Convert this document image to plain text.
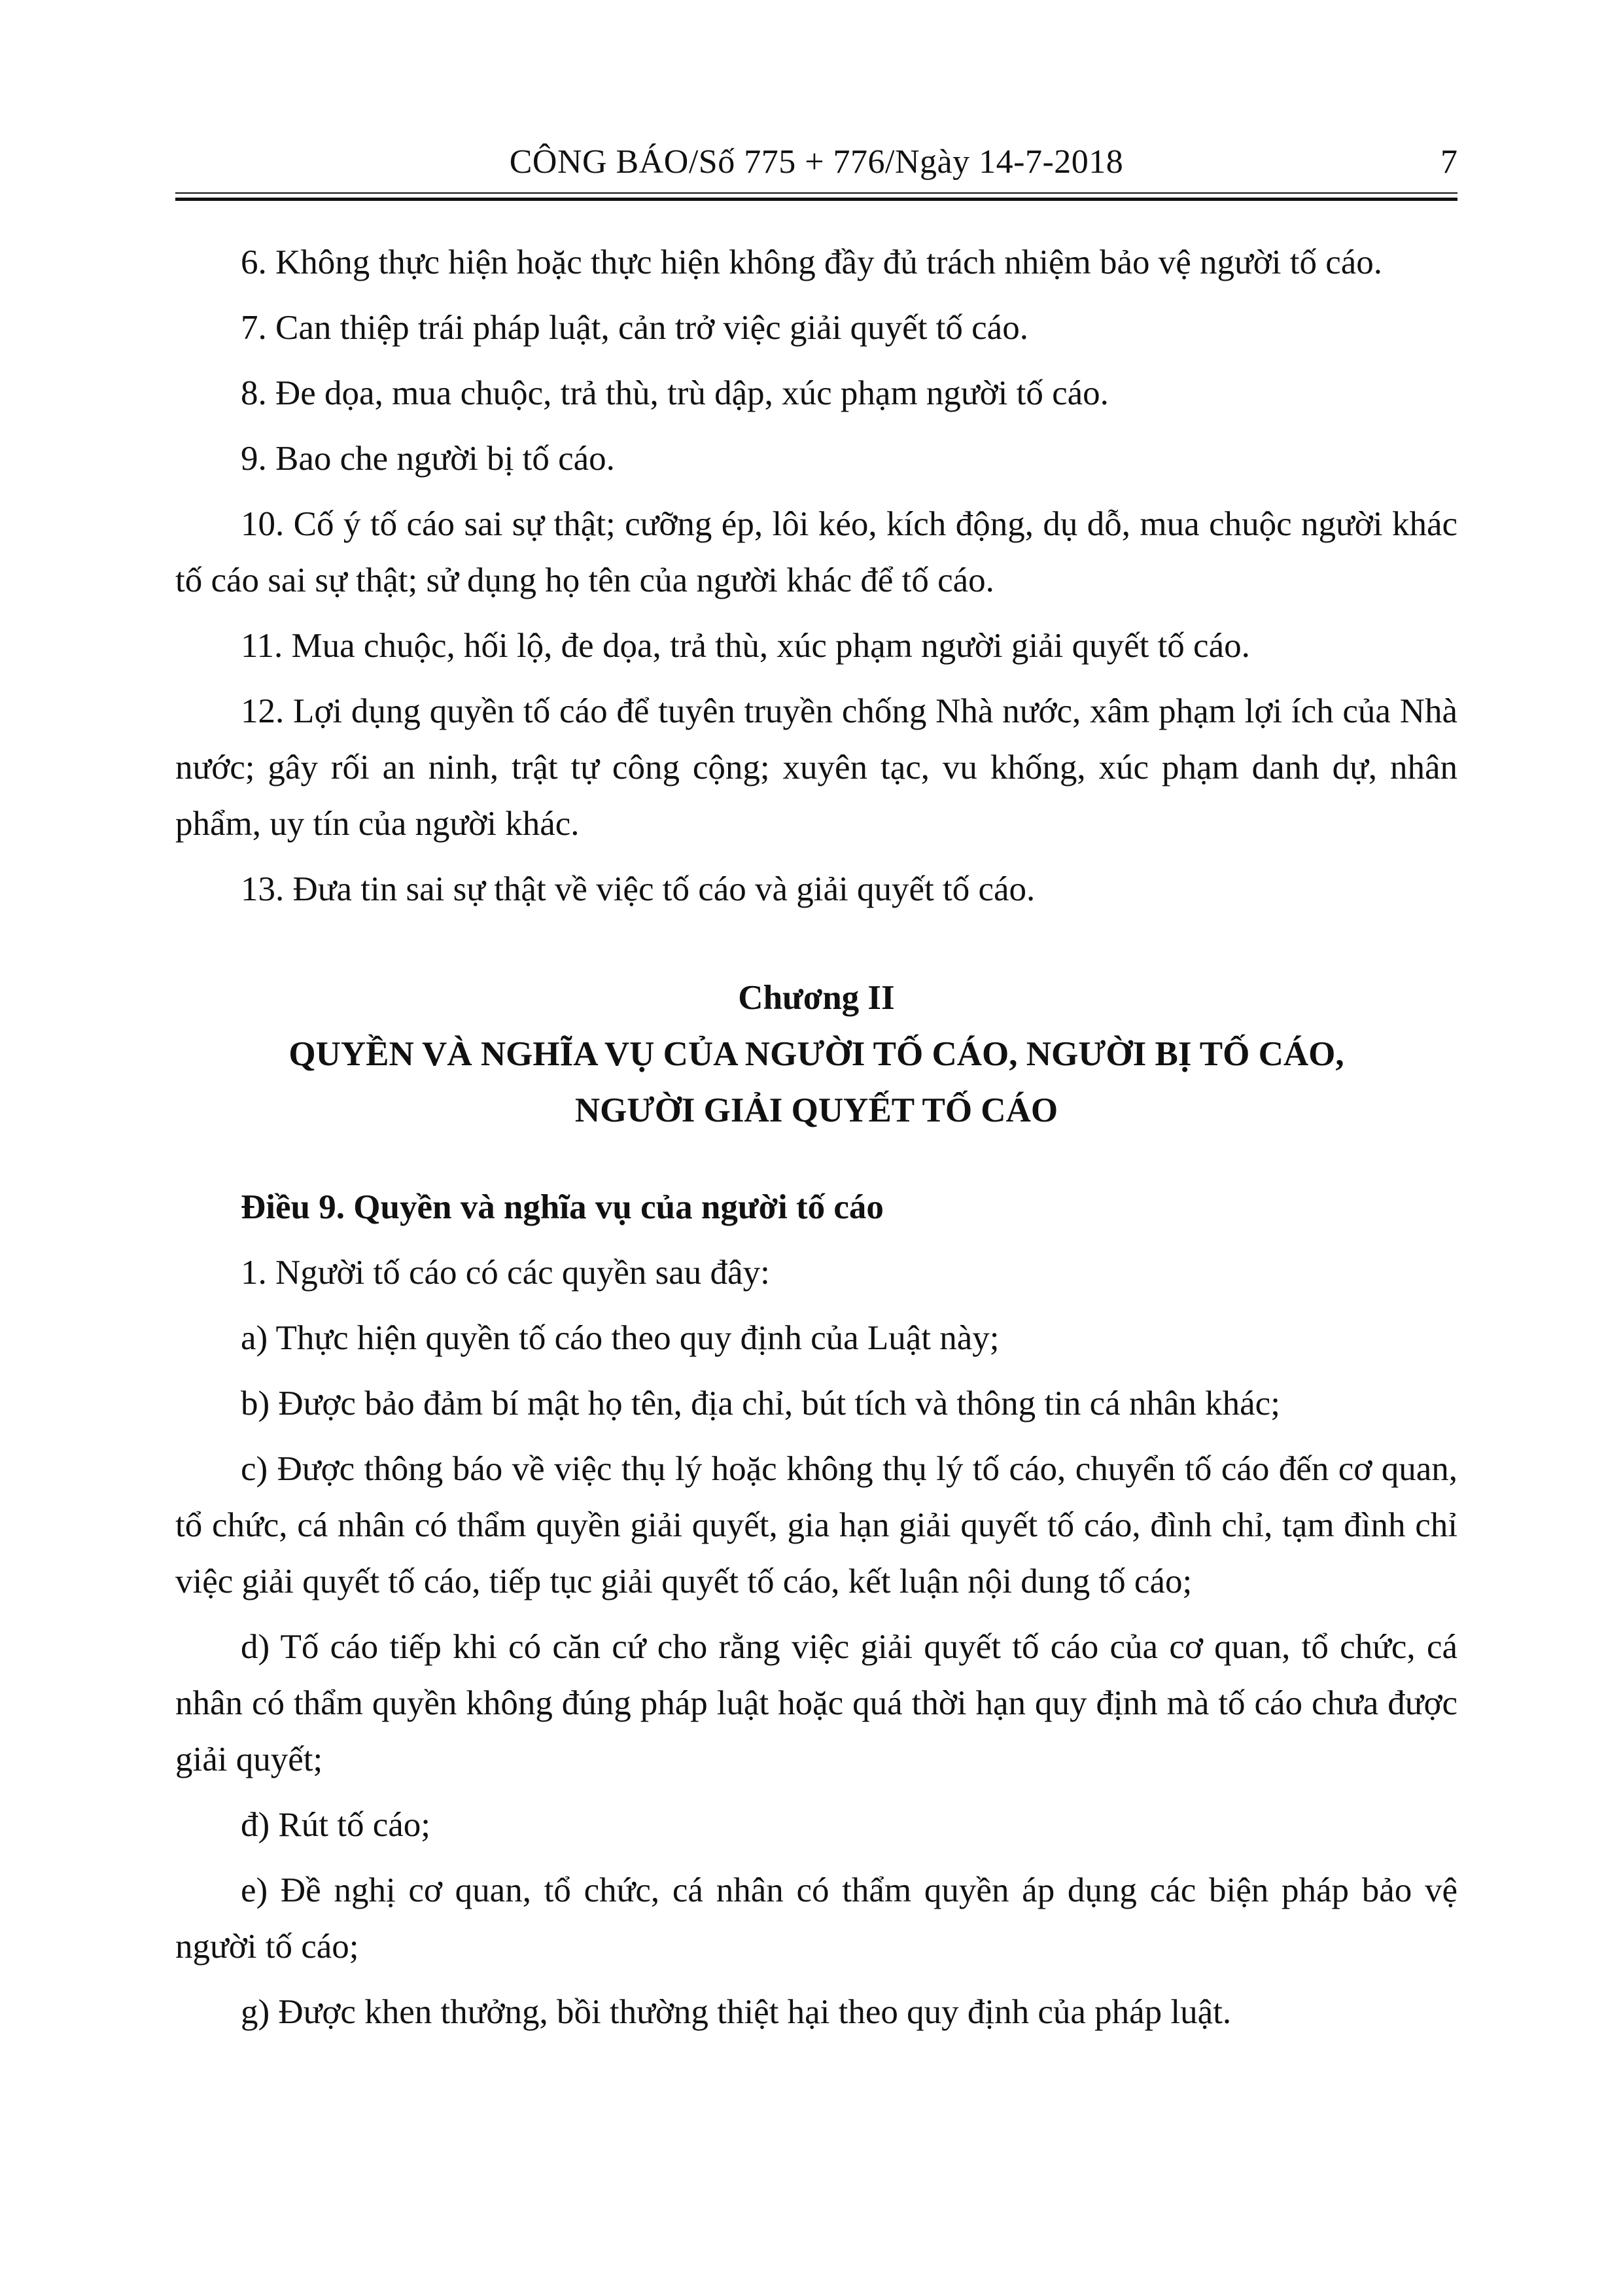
CÔNG BÁO/Số 775 + 776/Ngày 14-7-2018	7

6. Không thực hiện hoặc thực hiện không đầy đủ trách nhiệm bảo vệ người tố cáo.

7. Can thiệp trái pháp luật, cản trở việc giải quyết tố cáo.

8. Đe dọa, mua chuộc, trả thù, trù dập, xúc phạm người tố cáo.

9. Bao che người bị tố cáo.

10. Cố ý tố cáo sai sự thật; cưỡng ép, lôi kéo, kích động, dụ dỗ, mua chuộc người khác tố cáo sai sự thật; sử dụng họ tên của người khác để tố cáo.

11. Mua chuộc, hối lộ, đe dọa, trả thù, xúc phạm người giải quyết tố cáo.

12. Lợi dụng quyền tố cáo để tuyên truyền chống Nhà nước, xâm phạm lợi ích của Nhà nước; gây rối an ninh, trật tự công cộng; xuyên tạc, vu khống, xúc phạm danh dự, nhân phẩm, uy tín của người khác.

13. Đưa tin sai sự thật về việc tố cáo và giải quyết tố cáo.

Chương II

QUYỀN VÀ NGHĨA VỤ CỦA NGƯỜI TỐ CÁO, NGƯỜI BỊ TỐ CÁO,

NGƯỜI GIẢI QUYẾT TỐ CÁO

Điều 9. Quyền và nghĩa vụ của người tố cáo

1. Người tố cáo có các quyền sau đây:

a) Thực hiện quyền tố cáo theo quy định của Luật này;

b) Được bảo đảm bí mật họ tên, địa chỉ, bút tích và thông tin cá nhân khác;

c) Được thông báo về việc thụ lý hoặc không thụ lý tố cáo, chuyển tố cáo đến cơ quan, tổ chức, cá nhân có thẩm quyền giải quyết, gia hạn giải quyết tố cáo, đình chỉ, tạm đình chỉ việc giải quyết tố cáo, tiếp tục giải quyết tố cáo, kết luận nội dung tố cáo;

d) Tố cáo tiếp khi có căn cứ cho rằng việc giải quyết tố cáo của cơ quan, tổ chức, cá nhân có thẩm quyền không đúng pháp luật hoặc quá thời hạn quy định mà tố cáo chưa được giải quyết;

đ) Rút tố cáo;

e) Đề nghị cơ quan, tổ chức, cá nhân có thẩm quyền áp dụng các biện pháp bảo vệ người tố cáo;

g) Được khen thưởng, bồi thường thiệt hại theo quy định của pháp luật.
